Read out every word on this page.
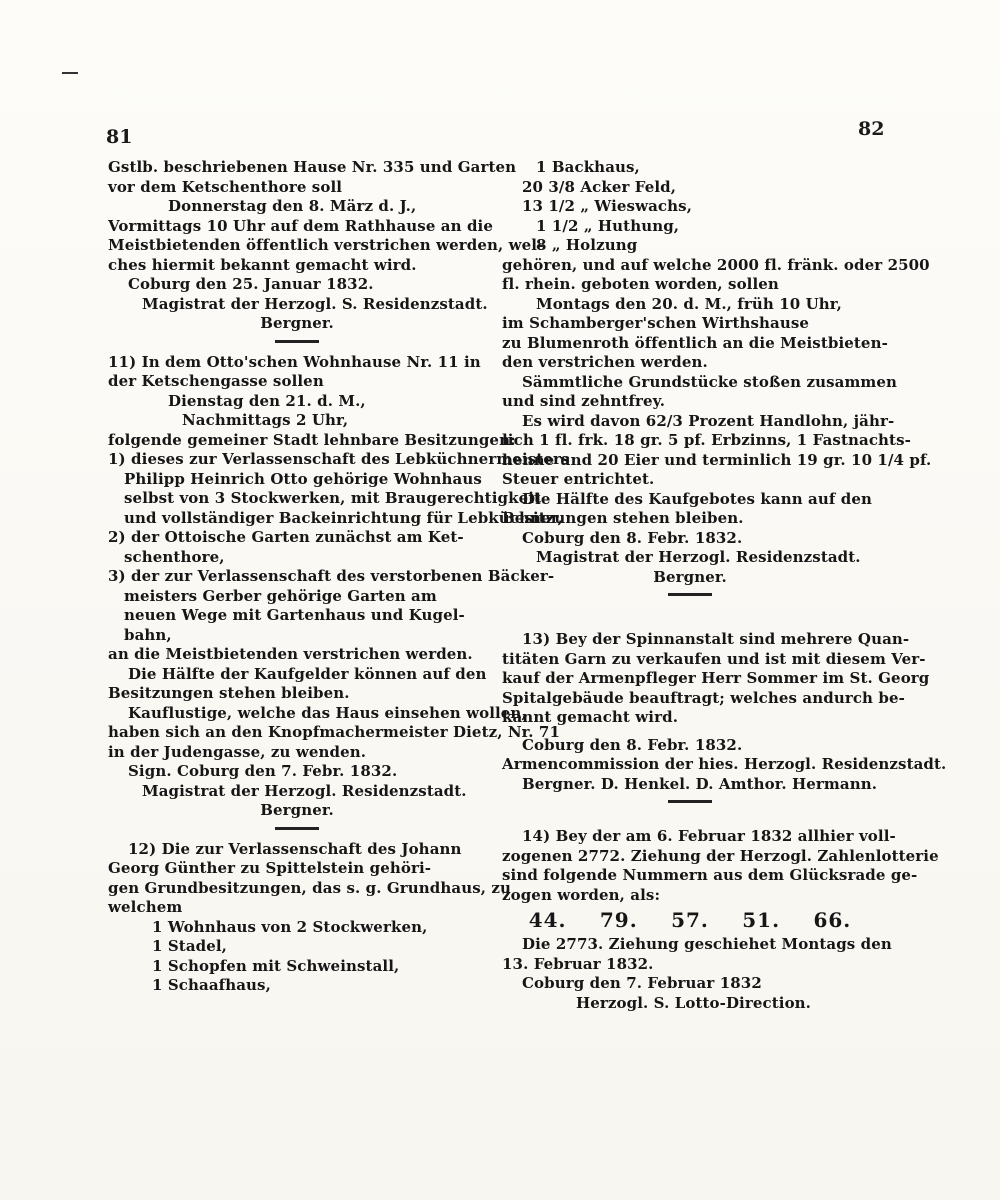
81	82
Gstlb. beschriebenen Hause Nr. 335 und Garten
vor dem Ketschenthore soll
Donnerstag den 8. März d. J.,
Vormittags 10 Uhr auf dem Rathhause an die
Meistbietenden öffentlich verstrichen werden, wel-
ches hiermit bekannt gemacht wird.
Coburg den 25. Januar 1832.
Magistrat der Herzogl. S. Residenzstadt.
Bergner.
11) In dem Otto'schen Wohnhause Nr. 11 in
der Ketschengasse sollen
Dienstag den 21. d. M.,
Nachmittags 2 Uhr,
folgende gemeiner Stadt lehnbare Besitzungen:
1) dieses zur Verlassenschaft des Lebküchnermeisters
Philipp Heinrich Otto gehörige Wohnhaus
selbst von 3 Stockwerken, mit Braugerechtigkeit
und vollständiger Backeinrichtung für Lebküchner,
2) der Ottoische Garten zunächst am Ket-
schenthore,
3) der zur Verlassenschaft des verstorbenen Bäcker-
meisters Gerber gehörige Garten am
neuen Wege mit Gartenhaus und Kugel-
bahn,
an die Meistbietenden verstrichen werden.
Die Hälfte der Kaufgelder können auf den
Besitzungen stehen bleiben.
Kauflustige, welche das Haus einsehen wollen,
haben sich an den Knopfmachermeister Dietz, Nr. 71
in der Judengasse, zu wenden.
Sign. Coburg den 7. Febr. 1832.
Magistrat der Herzogl. Residenzstadt.
Bergner.
12) Die zur Verlassenschaft des Johann
Georg Günther zu Spittelstein gehöri-
gen Grundbesitzungen, das s. g. Grundhaus, zu
welchem
1 Wohnhaus von 2 Stockwerken,
1 Stadel,
1 Schopfen mit Schweinstall,
1 Schaafhaus,
1 Backhaus,
20 3/8 Acker Feld,
13 1/2 „ Wieswachs,
1 1/2 „ Huthung,
8 „ Holzung
gehören, und auf welche 2000 fl. fränk. oder 2500
fl. rhein. geboten worden, sollen
Montags den 20. d. M., früh 10 Uhr,
im Schamberger'schen Wirthshause
zu Blumenroth öffentlich an die Meistbieten-
den verstrichen werden.
Sämmtliche Grundstücke stoßen zusammen
und sind zehntfrey.
Es wird davon 62/3 Prozent Handlohn, jähr-
lich 1 fl. frk. 18 gr. 5 pf. Erbzinns, 1 Fastnachts-
henne und 20 Eier und terminlich 19 gr. 10 1/4 pf.
Steuer entrichtet.
Die Hälfte des Kaufgebotes kann auf den
Besitzungen stehen bleiben.
Coburg den 8. Febr. 1832.
Magistrat der Herzogl. Residenzstadt.
Bergner.
13) Bey der Spinnanstalt sind mehrere Quan-
titäten Garn zu verkaufen und ist mit diesem Ver-
kauf der Armenpfleger Herr Sommer im St. Georg
Spitalgebäude beauftragt; welches andurch be-
kannt gemacht wird.
Coburg den 8. Febr. 1832.
Armencommission der hies. Herzogl. Residenzstadt.
Bergner. D. Henkel. D. Amthor. Hermann.
14) Bey der am 6. Februar 1832 allhier voll-
zogenen 2772. Ziehung der Herzogl. Zahlenlotterie
sind folgende Nummern aus dem Glücksrade ge-
zogen worden, als:
44. 79. 57. 51. 66.
Die 2773. Ziehung geschiehet Montags den
13. Februar 1832.
Coburg den 7. Februar 1832
Herzogl. S. Lotto-Direction.
